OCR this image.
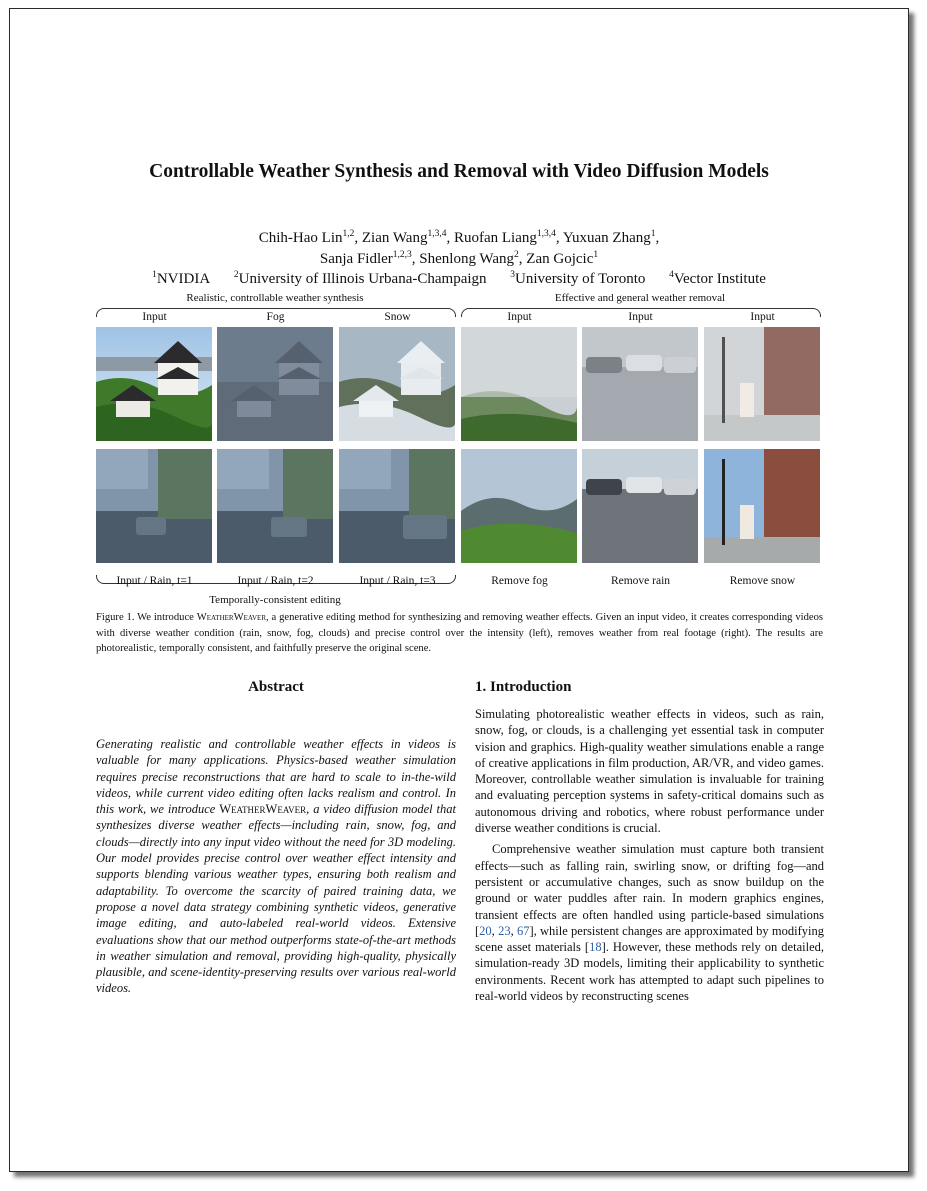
Controllable Weather Synthesis and Removal with Video Diffusion Models
Chih-Hao Lin$^{1,2}$, Zian Wang$^{1,3,4}$, Ruofan Liang$^{1,3,4}$, Yuxuan Zhang$^1$,
Sanja Fidler$^{1,2,3}$, Shenlong Wang$^2$, Zan Gojcic$^1$
$^1$NVIDIA	$^2$University of Illinois Urbana-Champaign	$^3$University of Toronto	$^4$Vector Institute
Realistic, controllable weather synthesis	Effective and general weather removal
Input	Fog	Snow	Input	Input	Input
Input / Rain, t=1	Input / Rain, t=2	Input / Rain, t=3	Remove fog	Remove rain	Remove snow
Temporally-consistent editing
Figure 1. We introduce WeatherWeaver, a generative editing method for synthesizing and removing weather effects. Given an input video, it creates corresponding videos with diverse weather condition (rain, snow, fog, clouds) and precise control over the intensity (left), removes weather from real footage (right). The results are photorealistic, temporally consistent, and faithfully preserve the original scene.
Abstract
Generating realistic and controllable weather effects in videos is valuable for many applications. Physics-based weather simulation requires precise reconstructions that are hard to scale to in-the-wild videos, while current video editing often lacks realism and control. In this work, we introduce WeatherWeaver, a video diffusion model that synthesizes diverse weather effects—including rain, snow, fog, and clouds—directly into any input video without the need for 3D modeling. Our model provides precise control over weather effect intensity and supports blending various weather types, ensuring both realism and adaptability. To overcome the scarcity of paired training data, we propose a novel data strategy combining synthetic videos, generative image editing, and auto-labeled real-world videos. Extensive evaluations show that our method outperforms state-of-the-art methods in weather simulation and removal, providing high-quality, physically plausible, and scene-identity-preserving results over various real-world videos.
1. Introduction

Simulating photorealistic weather effects in videos, such as rain, snow, fog, or clouds, is a challenging yet essential task in computer vision and graphics. High-quality weather simulations enable a range of creative applications in film production, AR/VR, and video games. Moreover, controllable weather simulation is invaluable for training and evaluating perception systems in safety-critical domains such as autonomous driving and robotics, where robust performance under diverse weather conditions is crucial.

Comprehensive weather simulation must capture both transient effects—such as falling rain, swirling snow, or drifting fog—and persistent or accumulative changes, such as snow buildup on the ground or water puddles after rain. In modern graphics engines, transient effects are often handled using particle-based simulations [20, 23, 67], while persistent changes are approximated by modifying scene asset materials [18]. However, these methods rely on detailed, simulation-ready 3D models, limiting their applicability to synthetic environments. Recent work has attempted to adapt such pipelines to real-world videos by reconstructing scenes
